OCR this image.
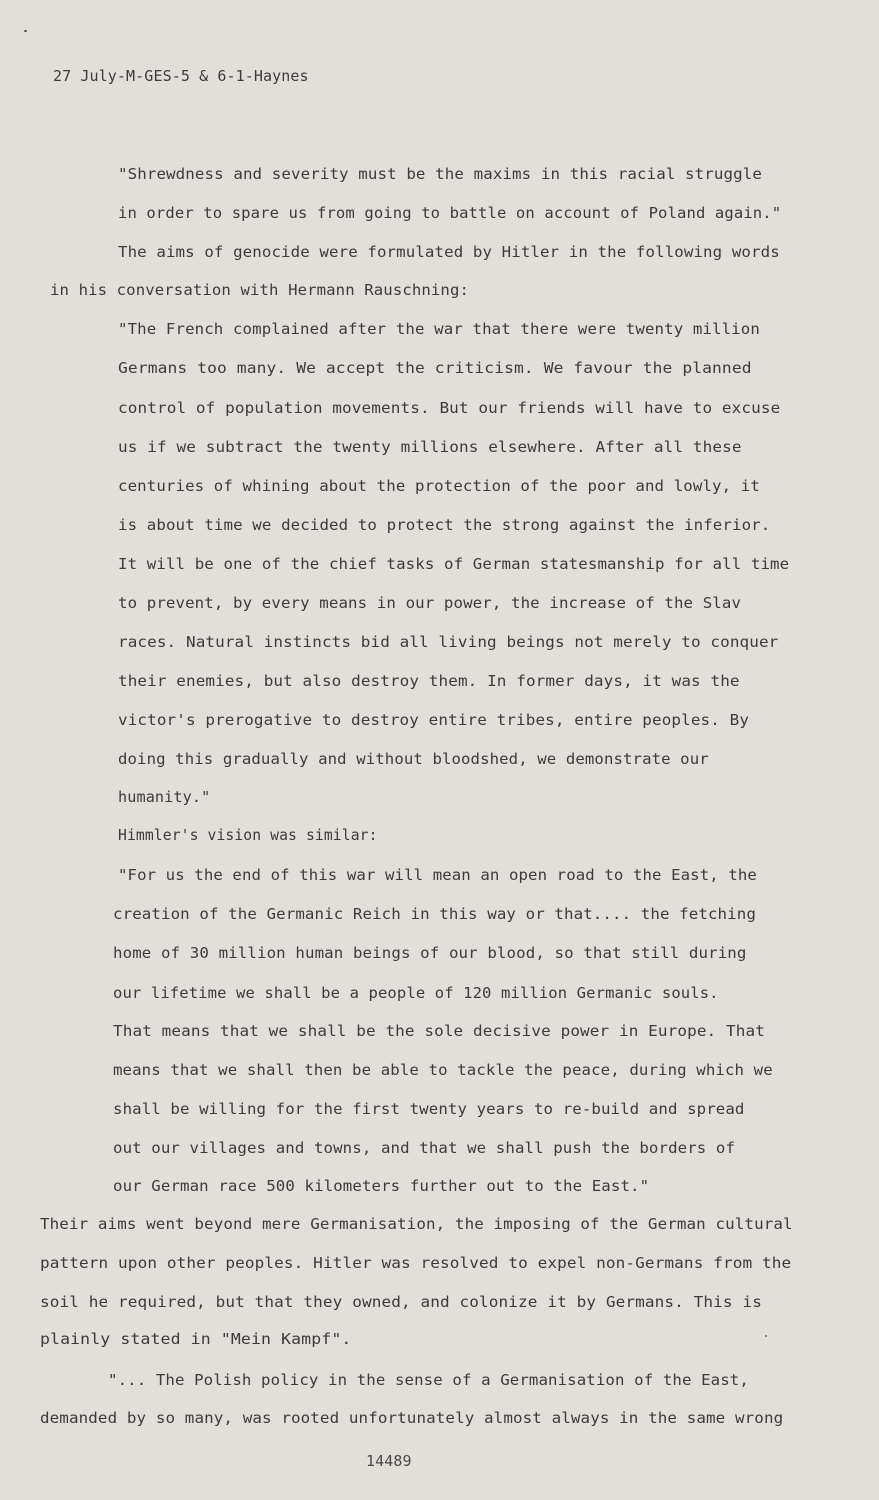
27 July-M-GES-5 & 6-1-Haynes
"Shrewdness and severity must be the maxims in this racial struggle
in order to spare us from going to battle on account of Poland again."
The aims of genocide were formulated by Hitler in the following words
in his conversation with Hermann Rauschning:
"The French complained after the war that there were twenty million
Germans too many. We accept the criticism. We favour the planned
control of population movements. But our friends will have to excuse
us if we subtract the twenty millions elsewhere. After all these
centuries of whining about the protection of the poor and lowly, it
is about time we decided to protect the strong against the inferior.
It will be one of the chief tasks of German statesmanship for all time
to prevent, by every means in our power, the increase of the Slav
races. Natural instincts bid all living beings not merely to conquer
their enemies, but also destroy them. In former days, it was the
victor's prerogative to destroy entire tribes, entire peoples. By
doing this gradually and without bloodshed, we demonstrate our
humanity."
Himmler's vision was similar:
"For us the end of this war will mean an open road to the East, the
creation of the Germanic Reich in this way or that.... the fetching
home of 30 million human beings of our blood, so that still during
our lifetime we shall be a people of 120 million Germanic souls.
That means that we shall be the sole decisive power in Europe. That
means that we shall then be able to tackle the peace, during which we
shall be willing for the first twenty years to re-build and spread
out our villages and towns, and that we shall push the borders of
our German race 500 kilometers further out to the East."
Their aims went beyond mere Germanisation, the imposing of the German cultural
pattern upon other peoples. Hitler was resolved to expel non-Germans from the
soil he required, but that they owned, and colonize it by Germans. This is
plainly stated in "Mein Kampf".
"... The Polish policy in the sense of a Germanisation of the East,
demanded by so many, was rooted unfortunately almost always in the same wrong
14489
